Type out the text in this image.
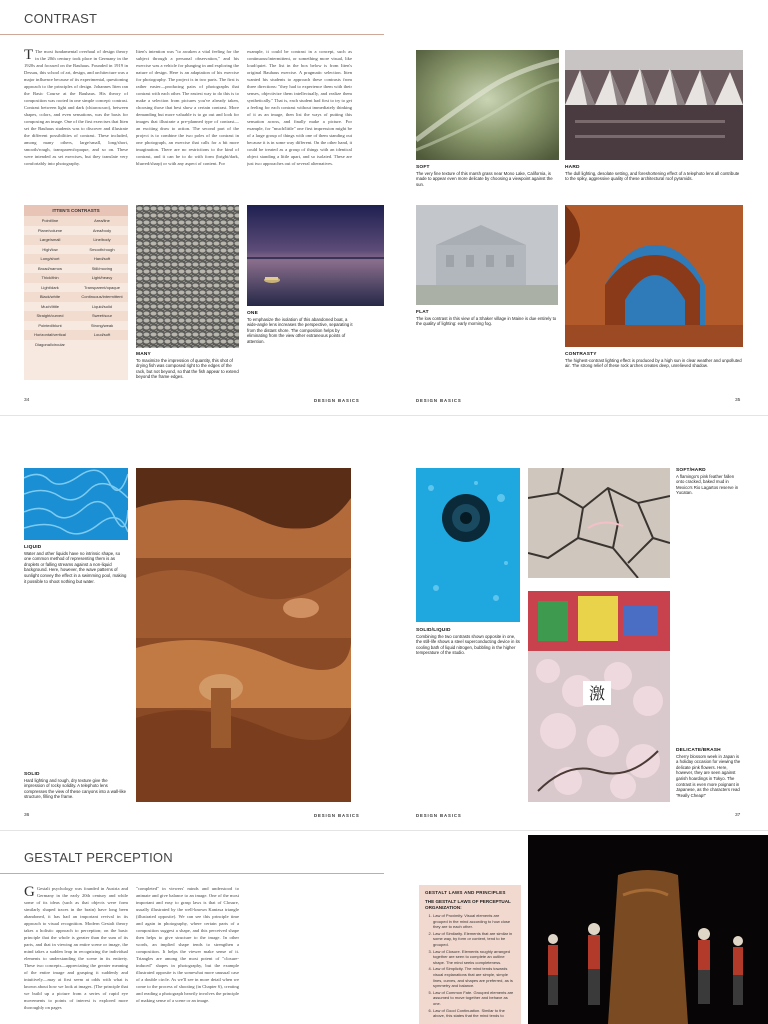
CONTRAST
T The most fundamental overhaul of design theory in the 20th century took place in Germany in the 1920s and focused on the Bauhaus. Founded in 1919 in Dessau, this school of art, design, and architecture was a major influence because of its experimental, questioning approach to the principles of design. Johannes Itten ran the Basic Course at the Bauhaus. His theory of composition was rooted in one simple concept: contrast. Contrast between light and dark (chiaroscuro), between shapes, colors, and even sensations, was the basis for composing an image. One of the first exercises that Itten set the Bauhaus students was to discover and illustrate the different possibilities of contrast. These included, among many others, large/small, long/short, smooth/rough, transparent/opaque, and so on. These were intended as set exercises, but they translate very comfortably into photography.
Itten's intention was "to awaken a vital feeling for the subject through a personal observation," and his exercise was a vehicle for plunging in and exploring the nature of design. Here is an adaptation of his exercise for photography. The project is in two parts. The first is rather easier—producing pairs of photographs that contrast with each other. The easiest way to do this is to make a selection from pictures you've already taken, choosing those that best show a certain contrast. More demanding but more valuable is to go out and look for images that illustrate a pre-planned type of contrast—an exciting draw to action. The second part of the project is to combine the two poles of the contrast in one photograph, an exercise that calls for a bit more imagination. There are no restrictions to the kind of contrast, and it can be to do with form (bright/dark, blurred/sharp) or with any aspect of content. For
example, it could be contrast in a concept, such as continuous/intermittent, or something more visual, like loud/quiet. The list in the box below is from Itten's original Bauhaus exercise. A pragmatic selection. Itten wanted his students to approach these contrasts from three directions: "they had to experience them with their senses, objectivize them intellectually, and realize them synthetically." That is, each student had first to try to get a feeling for each contrast without immediately thinking of it as an image, then list the ways of putting this sensation across, and finally make a picture. For example, for "much/little" one first impression might be of a large group of things with one of them standing out because it is in some way different. On the other hand, it could be treated as a group of things with an identical object standing a little apart, and so isolated. These are just two approaches out of several alternatives.
ITTEN'S CONTRASTS
Point/line	Area/line
Plane/volume	Area/body
Large/small	Line/body
High/low	Smooth/rough
Long/short	Hard/soft
Broad/narrow	Still/moving
Thick/thin	Light/heavy
Light/dark	Transparent/opaque
Black/white	Continuous/intermittent
Much/little	Liquid/solid
Straight/curved	Sweet/sour
Pointed/blunt	Strong/weak
Horizontal/vertical	Loud/soft
Diagonal/circular
MANY
To maximize the impression of quantity, this shot of drying fish was composed right to the edges of the rack, but not beyond, so that the fish appear to extend beyond the frame edges.
ONE
To emphasize the isolation of this abandoned boat, a wide-angle lens increases the perspective, separating it from the distant shore. The composition helps by eliminating from the view other extraneous points of attention.
SOFT
The very fine texture of this marsh grass near Mono Lake, California, is made to appear even more delicate by choosing a viewpoint against the sun.
HARD
The dull lighting, desolate setting, and foreshortening effect of a telephoto lens all contribute to the spiky, aggressive quality of these architectural roof pyramids.
FLAT
The low contrast in this view of a Shaker village in Maine is due entirely to the quality of lighting: early morning fog.
CONTRASTY
The highest-contrast lighting effect is produced by a high sun in clear weather and unpolluted air. The strong relief of these rock arches creates deep, unrelieved shadow.
34	DESIGN BASICS	DESIGN BASICS	35
LIQUID
Water and other liquids have no intrinsic shape, so one common method of representing them is as droplets or falling streams against a non-liquid background. Here, however, the wave patterns of sunlight convey the effect in a swimming pool, making it possible to shoot nothing but water.
SOLID
Hard lighting and rough, dry texture give the impression of rocky solidity. A telephoto lens compresses the view of these canyons into a wall-like structure, filling the frame.
SOLID/LIQUID
Combining the two contrasts shown opposite in one, the still-life shows a steel superconducting device in its cooling bath of liquid nitrogen, bubbling in the higher temperature of the studio.
SOFT/HARD
A flamingo's pink feather fallen onto cracked, baked mud in Mexico's Rio Lagartos reserve in Yucatan.
激
DELICATE/BRASH
Cherry blossom week in Japan is a holiday occasion for viewing the delicate pink flowers. Here, however, they are seen against garish hoardings in Tokyo. The contrast is even more poignant in Japanese, as the characters read "Really Cheap!"
36	DESIGN BASICS	DESIGN BASICS	37
GESTALT PERCEPTION
G Gestalt psychology was founded in Austria and Germany in the early 20th century and while some of its ideas (such as that objects were form similarly shaped traces in the brain) have long been abandoned, it has had an important revival in its approach to visual recognition. Modern Gestalt theory takes a holistic approach to perception; on the basic principle that the whole is greater than the sum of its parts, and that in viewing an entire scene or image, the mind takes a sudden leap in recognizing the individual elements to understanding the scene in its entirety. These two concepts—appreciating the greater meaning of the entire image and grasping it suddenly and intuitively—may at first seem at odds with what is known about how we look at images. (The principle that we build up a picture from a series of rapid eye movements to points of interest is explored more thoroughly on pages
"completed" in viewers' minds and understood to animate and give balance to an image. One of the most important and easy to grasp laws is that of Closure, usually illustrated by the well-known Kanizsa triangle (illustrated opposite). We can see this principle time and again in photography, where certain parts of a composition suggest a shape, and this perceived shape then helps to give structure to the image. In other words, an implied shape tends to strengthen a composition. It helps the viewer make sense of it. Triangles are among the most potent of "closure-induced" shapes in photography, but the example illustrated opposite is the somewhat more unusual case of a double circle. As we'll see in more detail when we come to the process of shooting (in Chapter 6), creating and reading a photograph heavily involves the principle of making sense of a scene or an image.
GESTALT LAWS AND PRINCIPLES
THE GESTALT LAWS OF PERCEPTUAL ORGANIZATION:
1. Law of Proximity. Visual elements are grouped in the mind according to how close they are to each other.
2. Law of Similarity. Elements that are similar in some way, by form or content, tend to be grouped.
3. Law of Closure. Elements roughly arranged together are seen to complete an outline shape. The mind seeks completeness.
4. Law of Simplicity. The mind tends towards visual explanations that are simple, simple lines, curves, and shapes are preferred, as is symmetry and balance.
5. Law of Common Fate. Grouped elements are assumed to move together and behave as one.
6. Law of Good Continuation. Similar to the above, this states that the mind tends to
